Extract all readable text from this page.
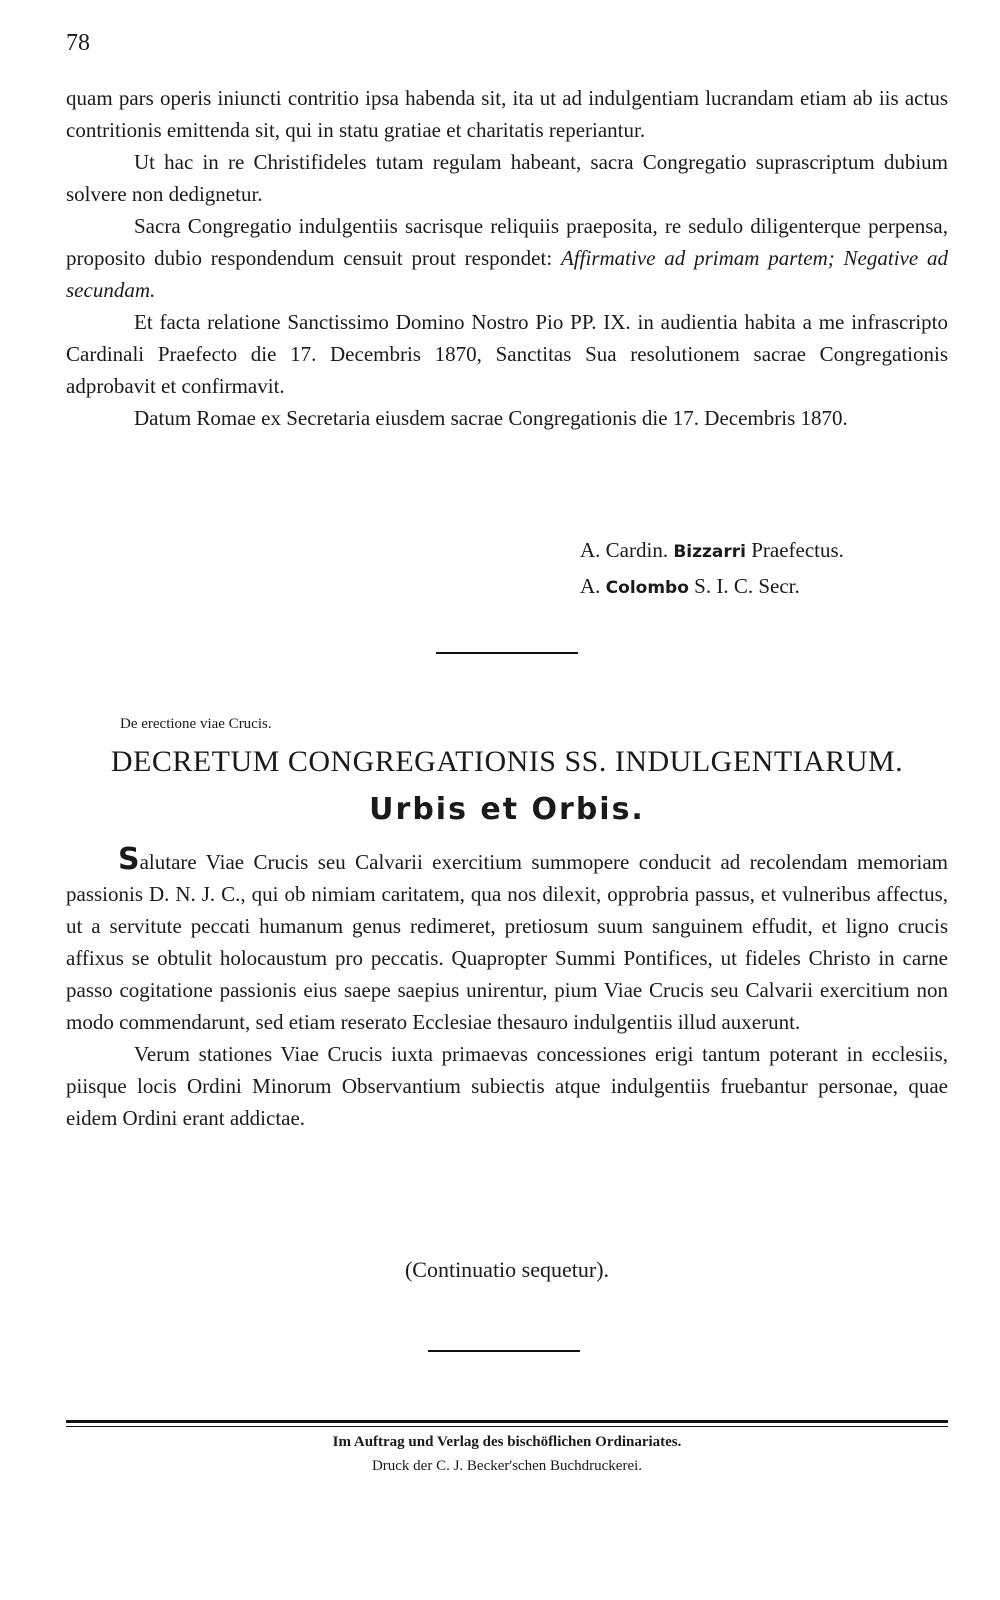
78

quam pars operis iniuncti contritio ipsa habenda sit, ita ut ad indulgentiam lucrandam etiam ab iis actus contritionis emittenda sit, qui in statu gratiae et charitatis reperiantur.

Ut hac in re Christifideles tutam regulam habeant, sacra Congregatio suprascriptum dubium solvere non dedignetur.

Sacra Congregatio indulgentiis sacrisque reliquiis praeposita, re sedulo diligenterque perpensa, proposito dubio respondendum censuit prout respondet: Affirmative ad primam partem; Negative ad secundam.

Et facta relatione Sanctissimo Domino Nostro Pio PP. IX. in audientia habita a me infrascripto Cardinali Praefecto die 17. Decembris 1870, Sanctitas Sua resolutionem sacrae Congregationis adprobavit et confirmavit.

Datum Romae ex Secretaria eiusdem sacrae Congregationis die 17. Decembris 1870.

A. Cardin. Bizzarri Praefectus.
A. Colombo S. I. C. Secr.
De erectione viae Crucis.
DECRETUM CONGREGATIONIS SS. INDULGENTIARUM.
Urbis et Orbis.

Salutare Viae Crucis seu Calvarii exercitium summopere conducit ad recolendam memoriam passionis D. N. J. C., qui ob nimiam caritatem, qua nos dilexit, opprobria passus, et vulneribus affectus, ut a servitute peccati humanum genus redimeret, pretiosum suum sanguinem effudit, et ligno crucis affixus se obtulit holocaustum pro peccatis. Quapropter Summi Pontifices, ut fideles Christo in carne passo cogitatione passionis eius saepe saepius unirentur, pium Viae Crucis seu Calvarii exercitium non modo commendarunt, sed etiam reserato Ecclesiae thesauro indulgentiis illud auxerunt.

Verum stationes Viae Crucis iuxta primaevas concessiones erigi tantum poterant in ecclesiis, piisque locis Ordini Minorum Observantium subiectis atque indulgentiis fruebantur personae, quae eidem Ordini erant addictae.

(Continuatio sequetur).
Im Auftrag und Verlag des bischöflichen Ordinariates.
Druck der C. J. Becker'schen Buchdruckerei.
